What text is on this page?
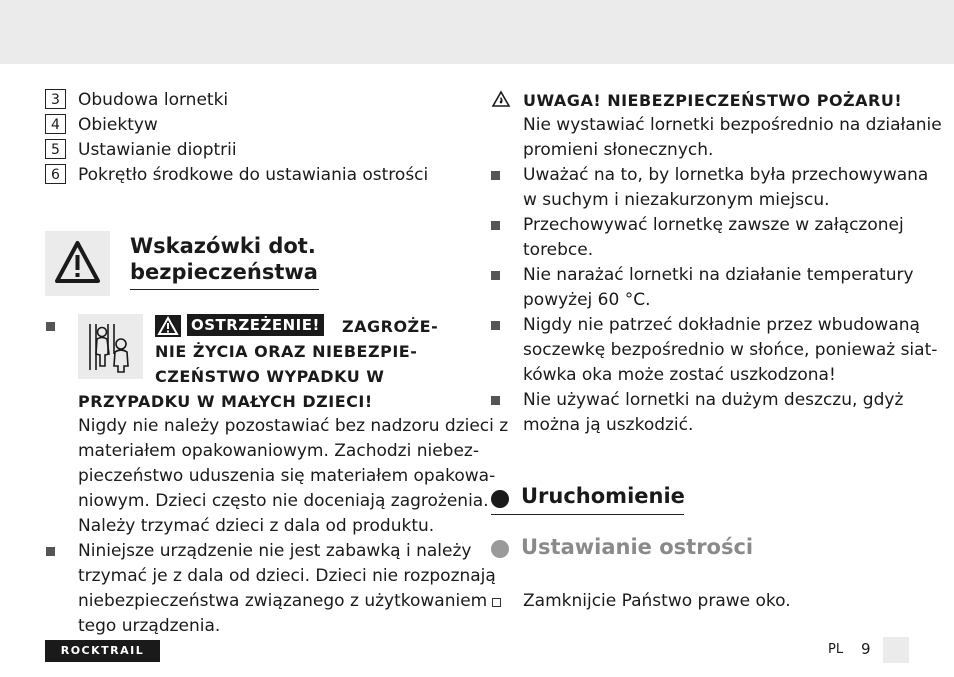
3	Obudowa lornetki
4	Obiektyw
5	Ustawianie dioptrii
6	Pokrętło środkowe do ustawiania ostrości
Wskazówki dot.
bezpieczeństwa
OSTRZEŻENIE! ZAGROŻE-
NIE ŻYCIA ORAZ NIEBEZPIE-
CZEŃSTWO WYPADKU W
PRZYPADKU W MAŁYCH DZIECI!
Nigdy nie należy pozostawiać bez nadzoru dzieci z
materiałem opakowaniowym. Zachodzi niebez-
pieczeństwo uduszenia się materiałem opakowa-
niowym. Dzieci często nie doceniają zagrożenia.
Należy trzymać dzieci z dala od produktu.
Niniejsze urządzenie nie jest zabawką i należy
trzymać je z dala od dzieci. Dzieci nie rozpoznają
niebezpieczeństwa związanego z użytkowaniem
tego urządzenia.
UWAGA! NIEBEZPIECZEŃSTWO POŻARU!
Nie wystawiać lornetki bezpośrednio na działanie
promieni słonecznych.
Uważać na to, by lornetka była przechowywana
w suchym i niezakurzonym miejscu.
Przechowywać lornetkę zawsze w załączonej
torebce.
Nie narażać lornetki na działanie temperatury
powyżej 60 °C.
Nigdy nie patrzeć dokładnie przez wbudowaną
soczewkę bezpośrednio w słońce, ponieważ siat-
kówka oka może zostać uszkodzona!
Nie używać lornetki na dużym deszczu, gdyż
można ją uszkodzić.
Uruchomienie
Ustawianie ostrości
Zamknijcie Państwo prawe oko.
ROCKTRAIL	PL 9
